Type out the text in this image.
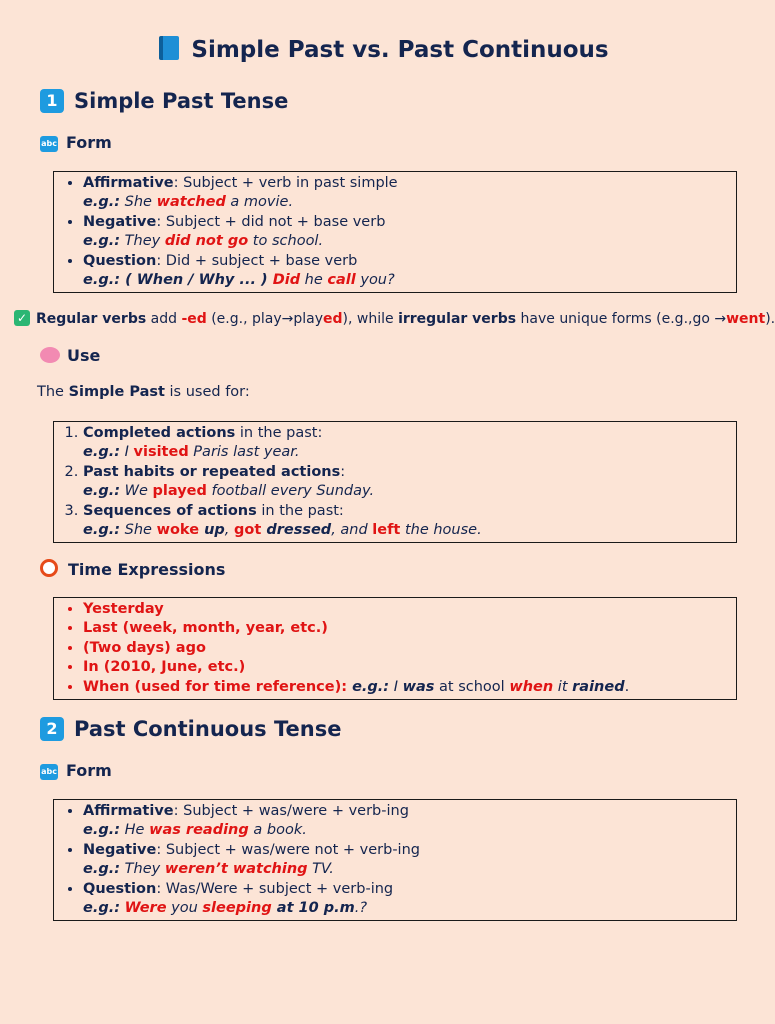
Simple Past vs. Past Continuous
1 Simple Past Tense
abc Form
• Affirmative: Subject + verb in past simple
e.g.: She watched a movie.
• Negative: Subject + did not + base verb
e.g.: They did not go to school.
• Question: Did + subject + base verb
e.g.: ( When / Why ... ) Did he call you?
✓ Regular verbs add -ed (e.g., play→played), while irregular verbs have unique forms (e.g.,go →went).
Use
The Simple Past is used for:
1. Completed actions in the past:
e.g.: I visited Paris last year.
2. Past habits or repeated actions:
e.g.: We played football every Sunday.
3. Sequences of actions in the past:
e.g.: She woke up, got dressed, and left the house.
Time Expressions
• Yesterday
• Last (week, month, year, etc.)
• (Two days) ago
• In (2010, June, etc.)
• When (used for time reference): e.g.: I was at school when it rained.
2 Past Continuous Tense
abc Form
• Affirmative: Subject + was/were + verb-ing
e.g.: He was reading a book.
• Negative: Subject + was/were not + verb-ing
e.g.: They weren’t watching TV.
• Question: Was/Were + subject + verb-ing
e.g.: Were you sleeping at 10 p.m.?
